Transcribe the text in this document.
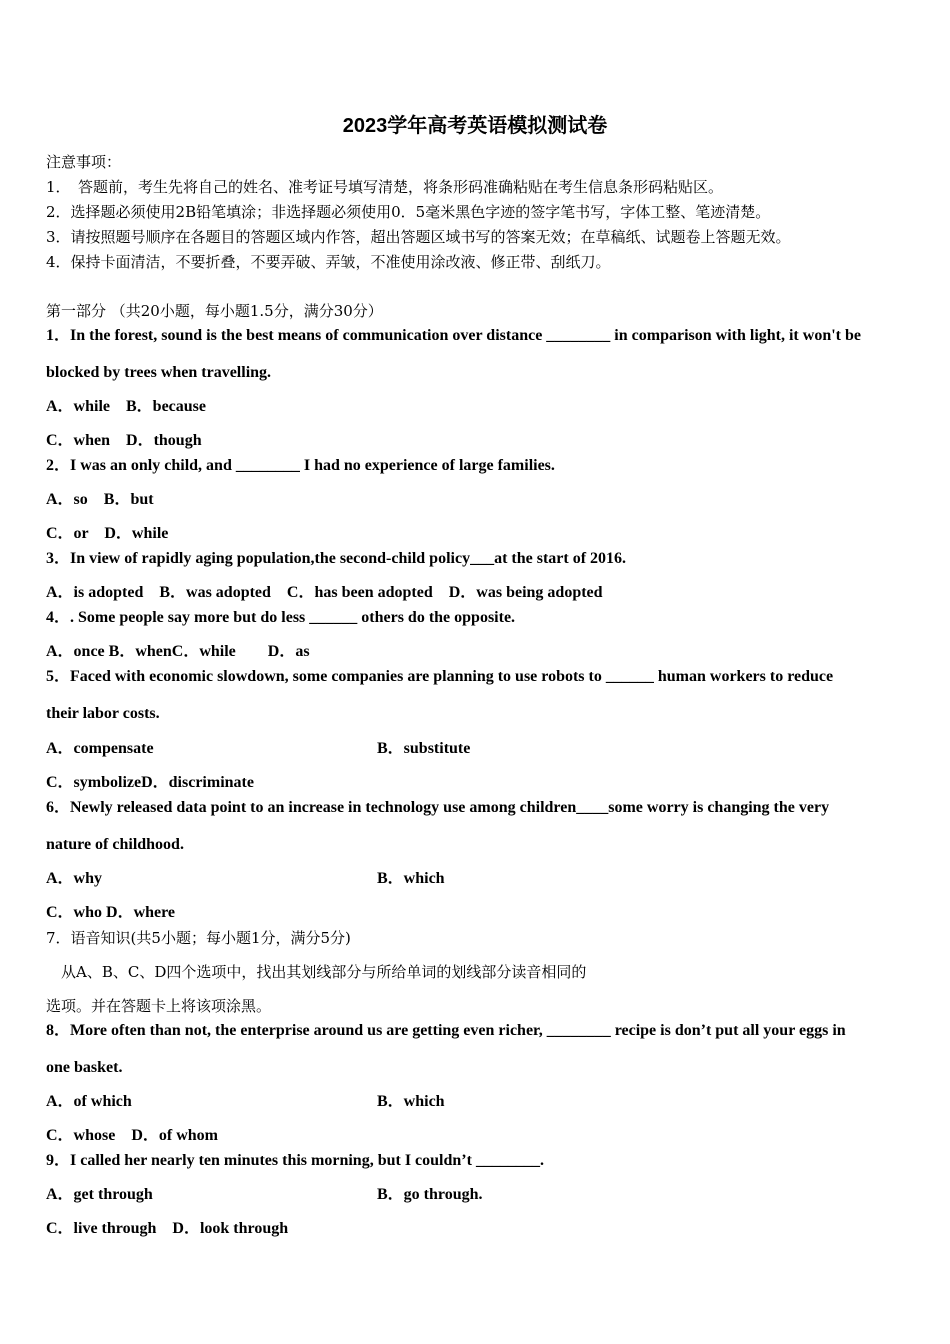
2023学年高考英语模拟测试卷
注意事项：
1．　答题前，考生先将自己的姓名、准考证号填写清楚，将条形码准确粘贴在考生信息条形码粘贴区。
2．选择题必须使用2B铅笔填涂；非选择题必须使用0．5毫米黑色字迹的签字笔书写，字体工整、笔迹清楚。
3．请按照题号顺序在各题目的答题区域内作答，超出答题区域书写的答案无效；在草稿纸、试题卷上答题无效。
4．保持卡面清洁，不要折叠，不要弄破、弄皱，不准使用涂改液、修正带、刮纸刀。
第一部分 （共20小题，每小题1.5分，满分30分）
1．In the forest, sound is the best means of communication over distance ________ in comparison with light, it won't be
blocked by trees when travelling.
A．while　B．because
C．when　D．though
2．I was an only child, and ________ I had no experience of large families.
A．so　B．but
C．or　D．while
3．In view of rapidly aging population,the second-child policy___at the start of 2016.
A．is adopted　B．was adopted　C．has been adopted　D．was being adopted
4．. Some people say more but do less ______ others do the opposite.
A．once B．whenC．while　　D．as
5．Faced with economic slowdown, some companies are planning to use robots to ______ human workers to reduce
their labor costs.
A．compensate	B．substitute
C．symbolizeD．discriminate
6．Newly released data point to an increase in technology use among children____some worry is changing the very
nature of childhood.
A．why	B．which
C．who D．where
7．语音知识(共5小题；每小题1分，满分5分)
　从A、B、C、D四个选项中，找出其划线部分与所给单词的划线部分读音相同的
选项。并在答题卡上将该项涂黑。
8．More often than not, the enterprise around us are getting even richer, ________ recipe is don’t put all your eggs in
one basket.
A．of which	B．which
C．whose　D．of whom
9．I called her nearly ten minutes this morning, but I couldn’t ________.
A．get through	B．go through.
C．live through　D．look through
